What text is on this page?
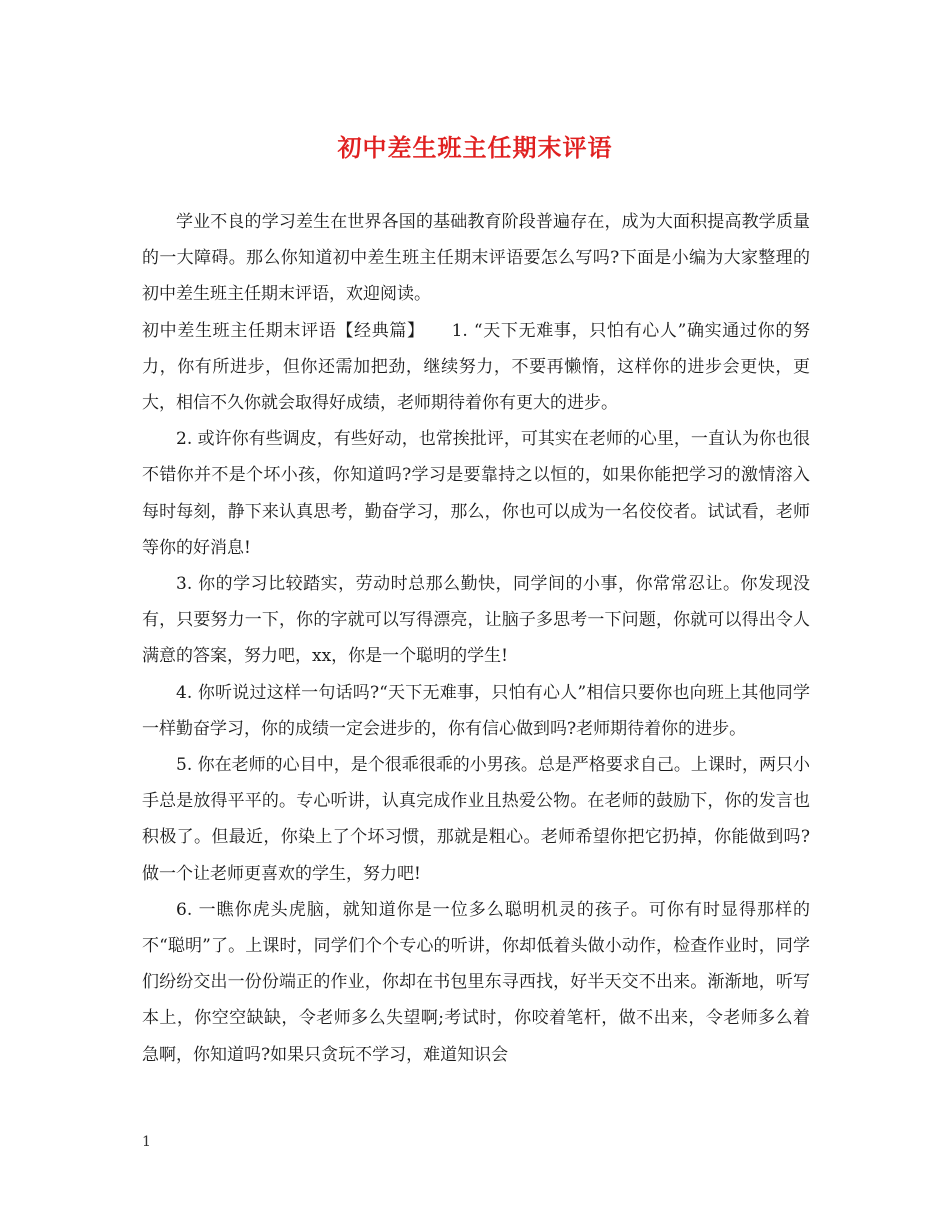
初中差生班主任期末评语

学业不良的学习差生在世界各国的基础教育阶段普遍存在，成为大面积提高教学质量的一大障碍。那么你知道初中差生班主任期末评语要怎么写吗?下面是小编为大家整理的初中差生班主任期末评语，欢迎阅读。

初中差生班主任期末评语【经典篇】　　1. “天下无难事，只怕有心人”确实通过你的努力，你有所进步，但你还需加把劲，继续努力，不要再懒惰，这样你的进步会更快，更大，相信不久你就会取得好成绩，老师期待着你有更大的进步。

2. 或许你有些调皮，有些好动，也常挨批评，可其实在老师的心里，一直认为你也很不错你并不是个坏小孩，你知道吗?学习是要靠持之以恒的，如果你能把学习的激情溶入每时每刻，静下来认真思考，勤奋学习，那么，你也可以成为一名佼佼者。试试看，老师等你的好消息!

3. 你的学习比较踏实，劳动时总那么勤快，同学间的小事，你常常忍让。你发现没有，只要努力一下，你的字就可以写得漂亮，让脑子多思考一下问题，你就可以得出令人满意的答案，努力吧，xx，你是一个聪明的学生!

4. 你听说过这样一句话吗?“天下无难事，只怕有心人”相信只要你也向班上其他同学一样勤奋学习，你的成绩一定会进步的，你有信心做到吗?老师期待着你的进步。

5. 你在老师的心目中，是个很乖很乖的小男孩。总是严格要求自己。上课时，两只小手总是放得平平的。专心听讲，认真完成作业且热爱公物。在老师的鼓励下，你的发言也积极了。但最近，你染上了个坏习惯，那就是粗心。老师希望你把它扔掉，你能做到吗?做一个让老师更喜欢的学生，努力吧!

6. 一瞧你虎头虎脑，就知道你是一位多么聪明机灵的孩子。可你有时显得那样的不“聪明”了。上课时，同学们个个专心的听讲，你却低着头做小动作，检查作业时，同学们纷纷交出一份份端正的作业，你却在书包里东寻西找，好半天交不出来。渐渐地，听写本上，你空空缺缺，令老师多么失望啊;考试时，你咬着笔杆，做不出来，令老师多么着急啊，你知道吗?如果只贪玩不学习，难道知识会

1
